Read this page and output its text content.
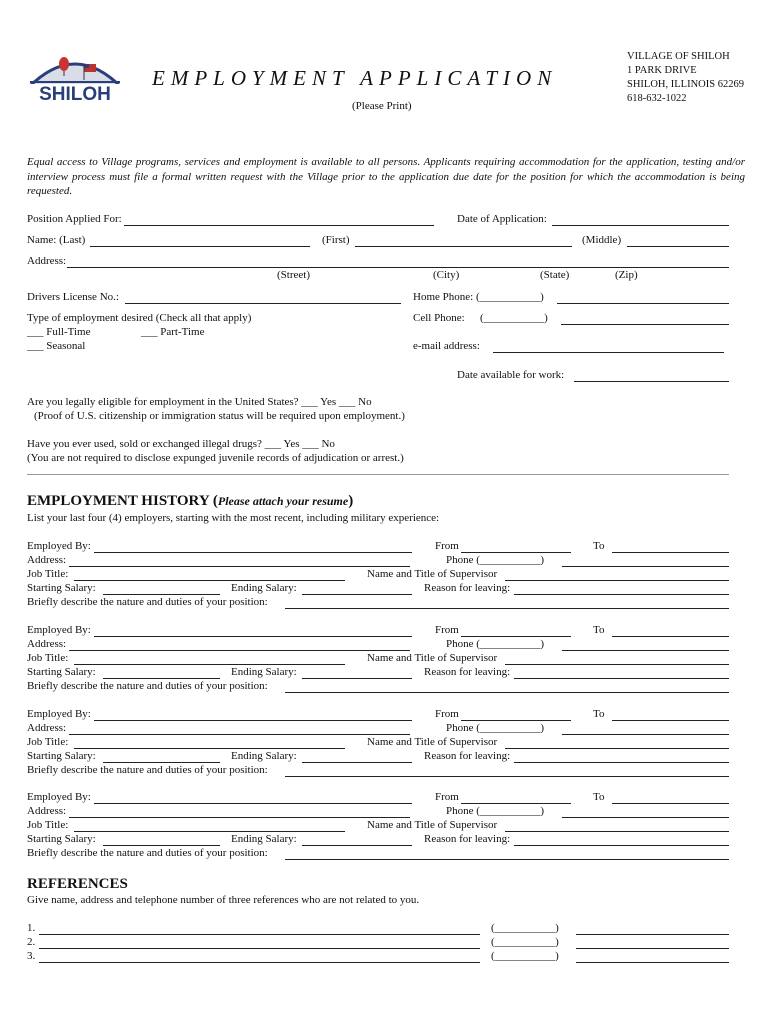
SHILOH
EMPLOYMENT APPLICATION
(Please Print)
VILLAGE OF SHILOH
1 PARK DRIVE
SHILOH, ILLINOIS 62269
618-632-1022
Equal access to Village programs, services and employment is available to all persons. Applicants requiring accommodation for the application, testing and/or interview process must file a formal written request with the Village prior to the application due date for the position for which the accommodation is being requested.
Position Applied For:	Date of Application:
Name: (Last)	(First)	(Middle)
Address:
(Street)	(City)	(State)	(Zip)
Drivers License No.:	Home Phone: (___________)
Type of employment desired (Check all that apply)
___ Full-Time	___ Part-Time
___ Seasonal
Cell Phone: (___________)
e-mail address:
Date available for work:
Are you legally eligible for employment in the United States? ___ Yes ___ No
(Proof of U.S. citizenship or immigration status will be required upon employment.)
Have you ever used, sold or exchanged illegal drugs? ___ Yes ___ No
(You are not required to disclose expunged juvenile records of adjudication or arrest.)
EMPLOYMENT HISTORY (Please attach your resume)
List your last four (4) employers, starting with the most recent, including military experience:
Employed By:	From	To
Address:	Phone (___________)
Job Title:	Name and Title of Supervisor
Starting Salary:	Ending Salary:	Reason for leaving:
Briefly describe the nature and duties of your position:
Employed By:	From	To
Address:	Phone (___________)
Job Title:	Name and Title of Supervisor
Starting Salary:	Ending Salary:	Reason for leaving:
Briefly describe the nature and duties of your position:
Employed By:	From	To
Address:	Phone (___________)
Job Title:	Name and Title of Supervisor
Starting Salary:	Ending Salary:	Reason for leaving:
Briefly describe the nature and duties of your position:
Employed By:	From	To
Address:	Phone (___________)
Job Title:	Name and Title of Supervisor
Starting Salary:	Ending Salary:	Reason for leaving:
Briefly describe the nature and duties of your position:
REFERENCES
Give name, address and telephone number of three references who are not related to you.
1.	(___________)
2.	(___________)
3.	(___________)
